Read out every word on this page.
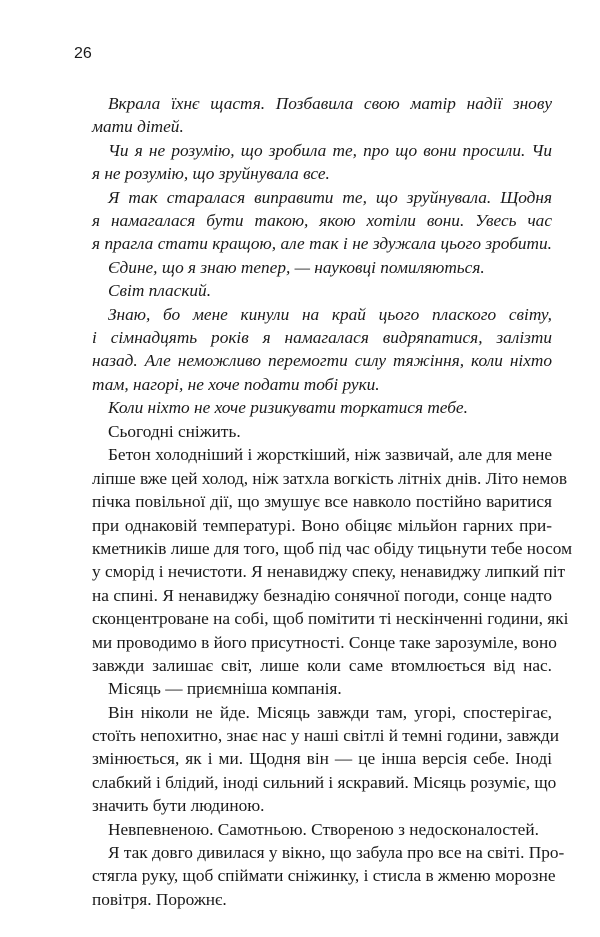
26
Вкрала їхнє щастя. Позбавила свою матір надії знову
мати дітей.
Чи я не розумію, що зробила те, про що вони просили. Чи
я не розумію, що зруйнувала все.
Я так старалася виправити те, що зруйнувала. Щодня
я намагалася бути такою, якою хотіли вони. Увесь час
я прагла стати кращою, але так і не здужала цього зробити.
Єдине, що я знаю тепер, — науковці помиляються.
Світ плаский.
Знаю, бо мене кинули на край цього плаского світу,
і сімнадцять років я намагалася видряпатися, залізти
назад. Але неможливо перемогти силу тяжіння, коли ніхто
там, нагорі, не хоче подати тобі руки.
Коли ніхто не хоче ризикувати торкатися тебе.
Сьогодні сніжить.
Бетон холодніший і жорсткіший, ніж зазвичай, але для мене
ліпше вже цей холод, ніж затхла вогкість літніх днів. Літо немов
пічка повільної дії, що змушує все навколо постійно варитися
при однаковій температурі. Воно обіцяє мільйон гарних при-
кметників лише для того, щоб під час обіду тицьнути тебе носом
у сморід і нечистоти. Я ненавиджу спеку, ненавиджу липкий піт
на спині. Я ненавиджу безнадію сонячної погоди, сонце надто
сконцентроване на собі, щоб помітити ті нескінченні години, які
ми проводимо в його присутності. Сонце таке зарозуміле, воно
завжди залишає світ, лише коли саме втомлюється від нас.
Місяць — приємніша компанія.
Він ніколи не йде. Місяць завжди там, угорі, спостерігає,
стоїть непохитно, знає нас у наші світлі й темні години, завжди
змінюється, як і ми. Щодня він — це інша версія себе. Іноді
слабкий і блідий, іноді сильний і яскравий. Місяць розуміє, що
значить бути людиною.
Невпевненою. Самотньою. Створеною з недосконалостей.
Я так довго дивилася у вікно, що забула про все на світі. Про-
стягла руку, щоб спіймати сніжинку, і стисла в жменю морозне
повітря. Порожнє.
